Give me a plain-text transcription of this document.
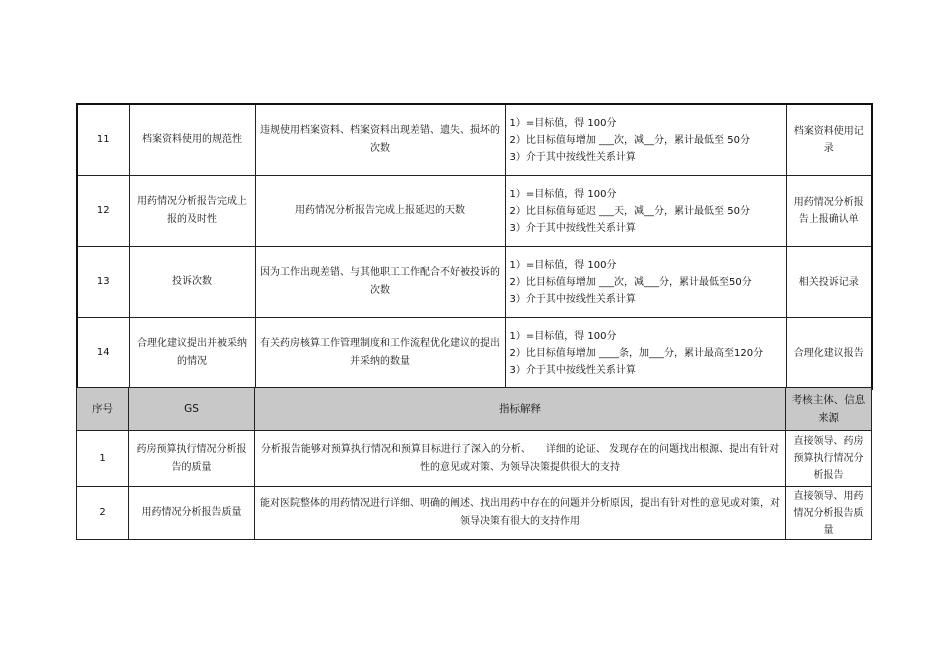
11	档案资料使用的规范性	违规使用档案资料、档案资料出现差错、遗失、损坏的次数	1）=目标值，得 100分
2）比目标值每增加 ___次，减__分，累计最低至 50分
3）介于其中按线性关系计算	档案资料使用记录
12	用药情况分析报告完成上报的及时性	用药情况分析报告完成上报延迟的天数	1）=目标值，得 100分
2）比目标值每延迟 ___天，减__分，累计最低至 50分
3）介于其中按线性关系计算	用药情况分析报告上报确认单
13	投诉次数	因为工作出现差错、与其他职工工作配合不好被投诉的次数	1）=目标值，得 100分
2）比目标值每增加 ___次，减___分，累计最低至50分
3）介于其中按线性关系计算	相关投诉记录
14	合理化建议提出并被采纳的情况	有关药房核算工作管理制度和工作流程优化建议的提出并采纳的数量	1）=目标值，得 100分
2）比目标值每增加 ____条，加___分，累计最高至120分
3）介于其中按线性关系计算	合理化建议报告
序号	GS	指标解释	考核主体、信息来源
1	药房预算执行情况分析报告的质量	分析报告能够对预算执行情况和预算目标进行了深入的分析、　　详细的论证、 发现存在的问题找出根源、提出有针对性的意见或对策、为领导决策提供很大的支持	直接领导、药房预算执行情况分析报告
2	用药情况分析报告质量	能对医院整体的用药情况进行详细、明确的阐述、找出用药中存在的问题并分析原因，提出有针对性的意见或对策，对领导决策有很大的支持作用	直接领导、用药情况分析报告质量
